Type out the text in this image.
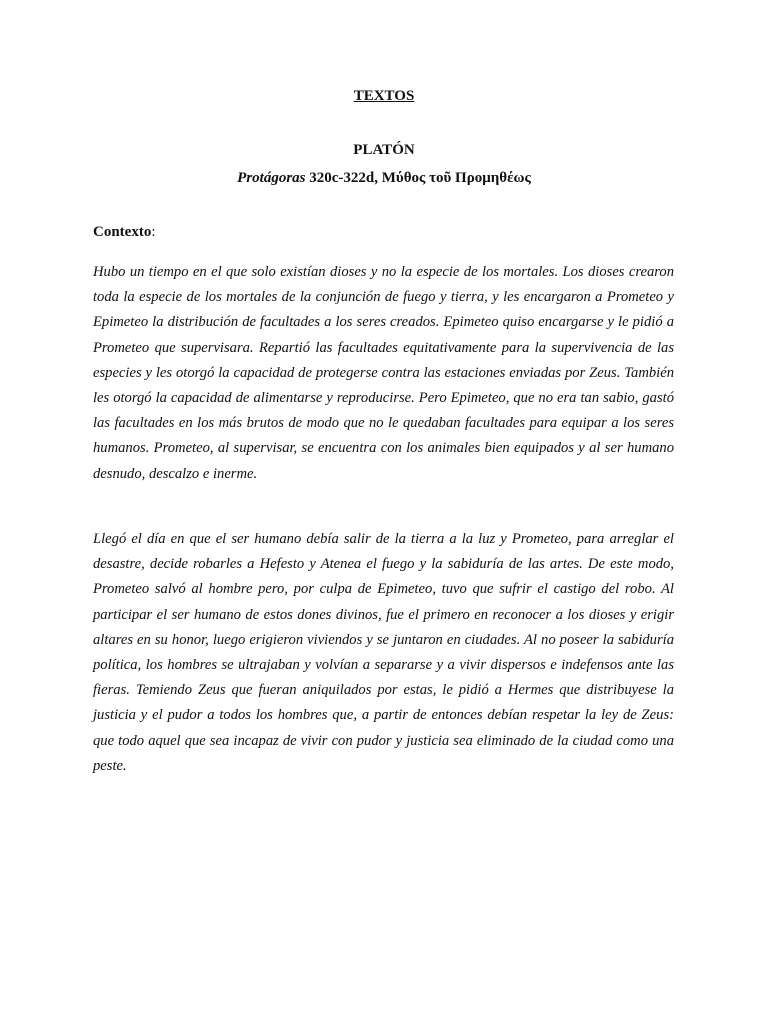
TEXTOS
PLATÓN
Protágoras 320c-322d, Μύθος τοῦ Προμηθέως

Contexto:

Hubo un tiempo en el que solo existían dioses y no la especie de los mortales. Los dioses crearon toda la especie de los mortales de la conjunción de fuego y tierra, y les encargaron a Prometeo y Epimeteo la distribución de facultades a los seres creados. Epimeteo quiso encargarse y le pidió a Prometeo que supervisara. Repartió las facultades equitativamente para la supervivencia de las especies y les otorgó la capacidad de protegerse contra las estaciones enviadas por Zeus. También les otorgó la capacidad de alimentarse y reproducirse. Pero Epimeteo, que no era tan sabio, gastó las facultades en los más brutos de modo que no le quedaban facultades para equipar a los seres humanos. Prometeo, al supervisar, se encuentra con los animales bien equipados y al ser humano desnudo, descalzo e inerme.

Llegó el día en que el ser humano debía salir de la tierra a la luz y Prometeo, para arreglar el desastre, decide robarles a Hefesto y Atenea el fuego y la sabiduría de las artes. De este modo, Prometeo salvó al hombre pero, por culpa de Epimeteo, tuvo que sufrir el castigo del robo. Al participar el ser humano de estos dones divinos, fue el primero en reconocer a los dioses y erigir altares en su honor, luego erigieron viviendos y se juntaron en ciudades. Al no poseer la sabiduría política, los hombres se ultrajaban y volvían a separarse y a vivir dispersos e indefensos ante las fieras. Temiendo Zeus que fueran aniquilados por estas, le pidió a Hermes que distribuyese la justicia y el pudor a todos los hombres que, a partir de entonces debían respetar la ley de Zeus: que todo aquel que sea incapaz de vivir con pudor y justicia sea eliminado de la ciudad como una peste.
